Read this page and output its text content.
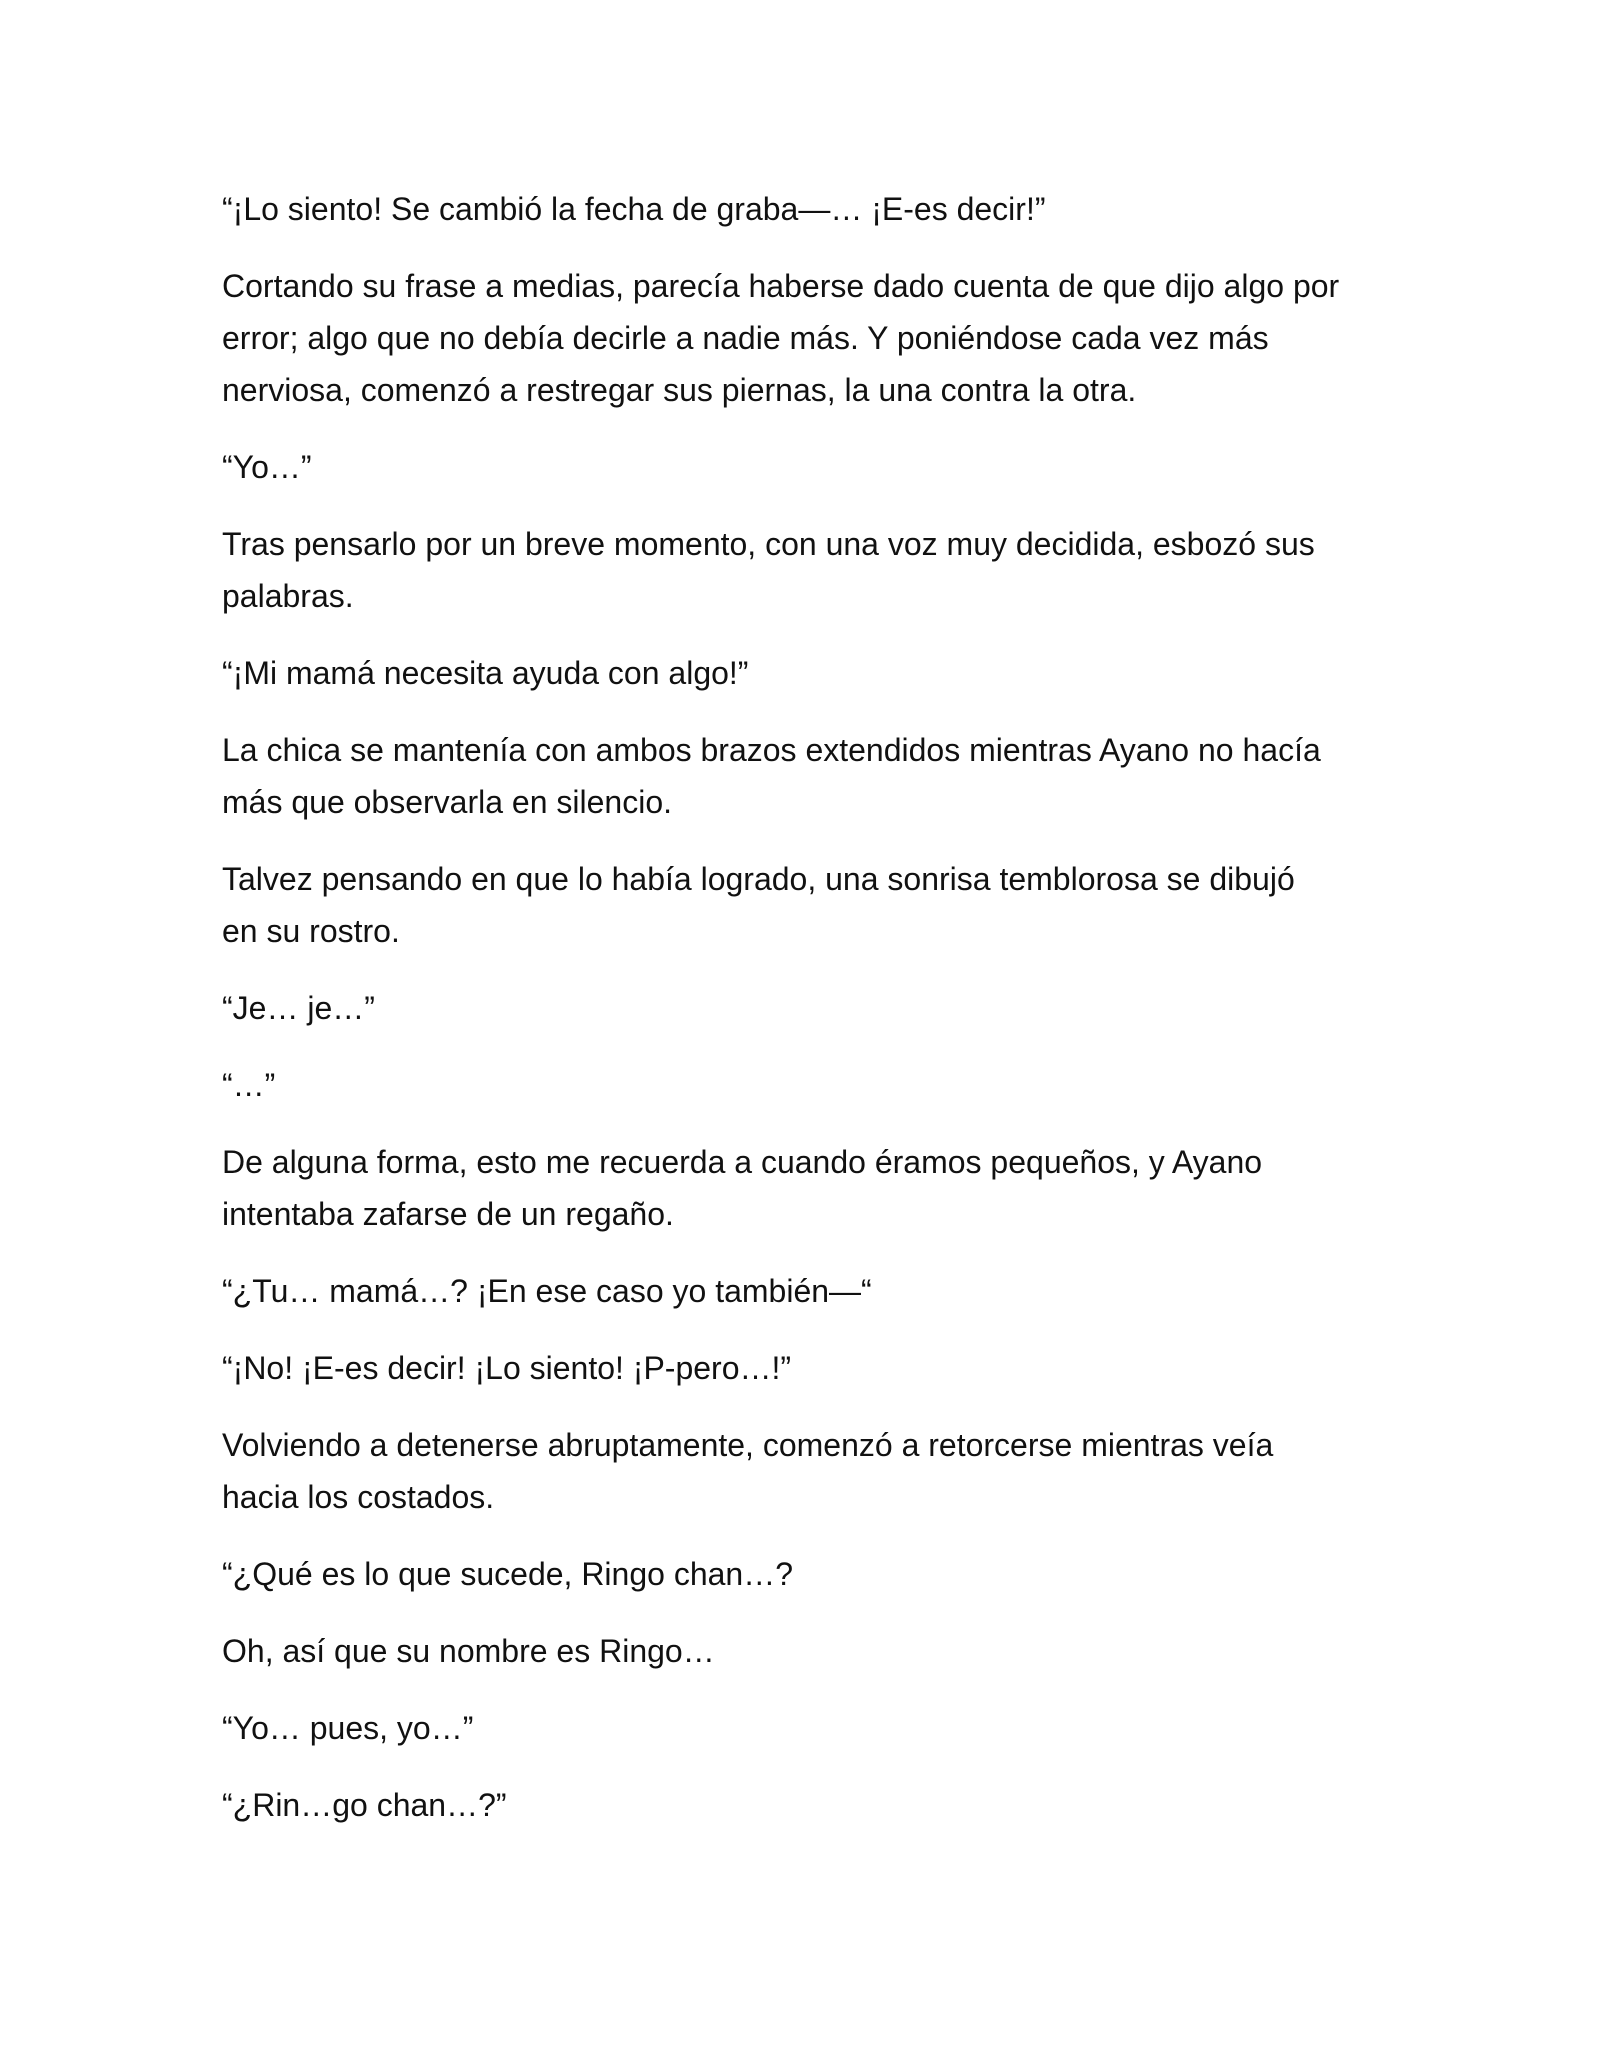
“¡Lo siento! Se cambió la fecha de graba—… ¡E-es decir!”

Cortando su frase a medias, parecía haberse dado cuenta de que dijo algo por
error; algo que no debía decirle a nadie más. Y poniéndose cada vez más
nerviosa, comenzó a restregar sus piernas, la una contra la otra.

“Yo…”

Tras pensarlo por un breve momento, con una voz muy decidida, esbozó sus
palabras.

“¡Mi mamá necesita ayuda con algo!”

La chica se mantenía con ambos brazos extendidos mientras Ayano no hacía
más que observarla en silencio.

Talvez pensando en que lo había logrado, una sonrisa temblorosa se dibujó
en su rostro.

“Je… je…”

“…”

De alguna forma, esto me recuerda a cuando éramos pequeños, y Ayano
intentaba zafarse de un regaño.

“¿Tu… mamá…? ¡En ese caso yo también—“

“¡No! ¡E-es decir! ¡Lo siento! ¡P-pero…!”

Volviendo a detenerse abruptamente, comenzó a retorcerse mientras veía
hacia los costados.

“¿Qué es lo que sucede, Ringo chan…?

Oh, así que su nombre es Ringo…

“Yo… pues, yo…”

“¿Rin…go chan…?”
